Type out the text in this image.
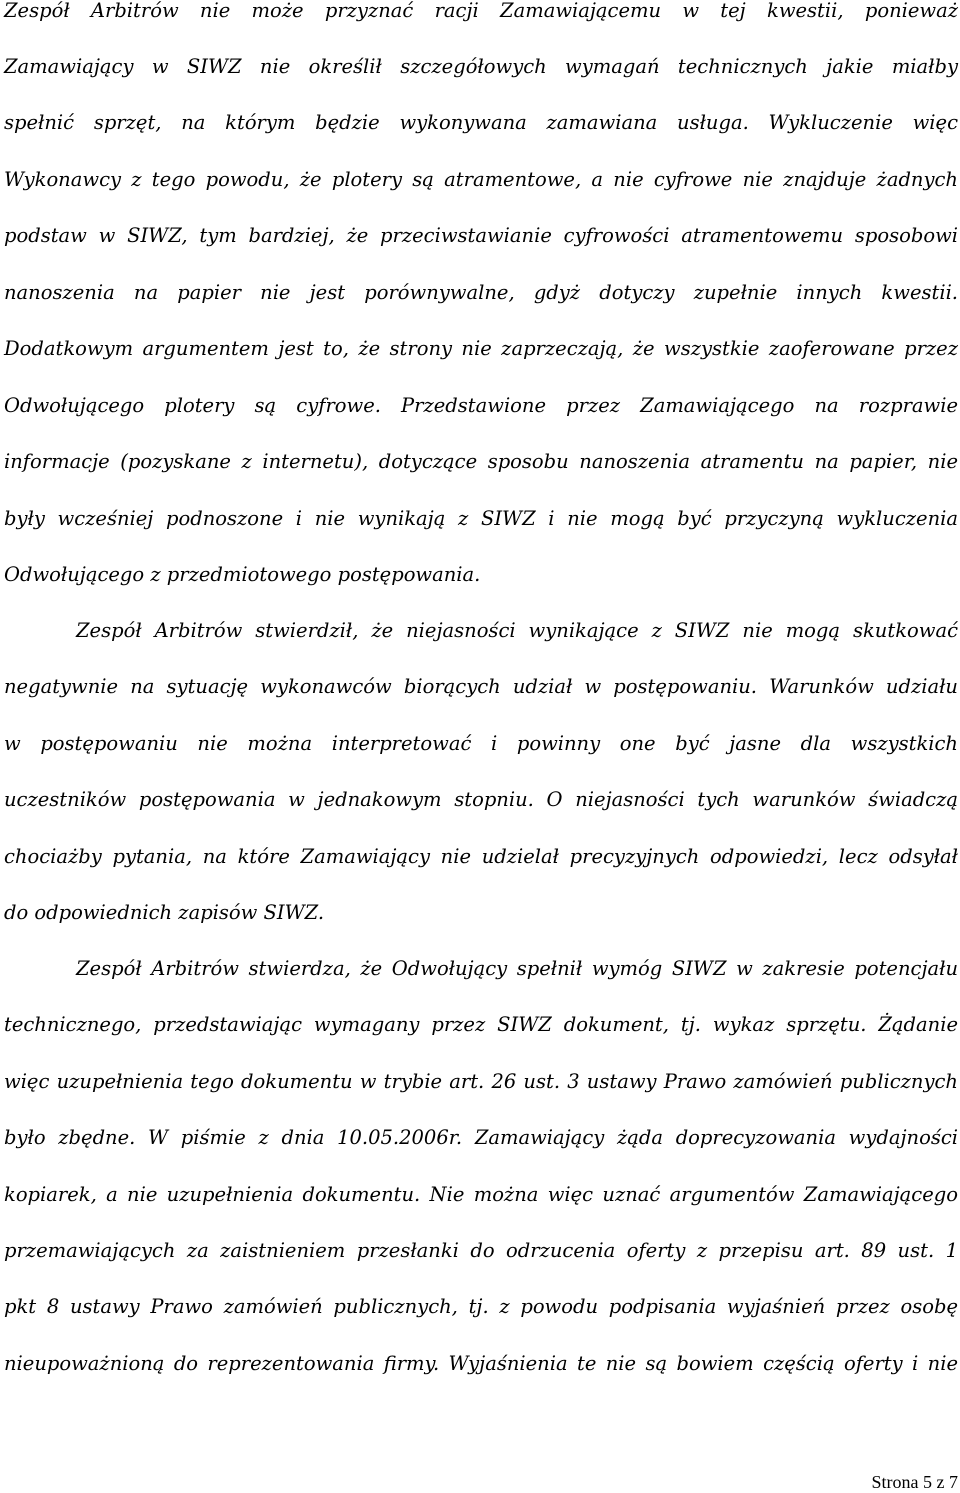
Zespół Arbitrów nie może przyznać racji Zamawiającemu w tej kwestii, ponieważ
Zamawiający w SIWZ nie określił szczegółowych wymagań technicznych jakie miałby
spełnić sprzęt, na którym będzie wykonywana zamawiana usługa. Wykluczenie więc
Wykonawcy z tego powodu, że plotery są atramentowe, a nie cyfrowe nie znajduje żadnych
podstaw w SIWZ, tym bardziej, że przeciwstawianie cyfrowości atramentowemu sposobowi
nanoszenia na papier nie jest porównywalne, gdyż dotyczy zupełnie innych kwestii.
Dodatkowym argumentem jest to, że strony nie zaprzeczają, że wszystkie zaoferowane przez
Odwołującego plotery są cyfrowe. Przedstawione przez Zamawiającego na rozprawie
informacje (pozyskane z internetu), dotyczące sposobu nanoszenia atramentu na papier, nie
były wcześniej podnoszone i nie wynikają z SIWZ i nie mogą być przyczyną wykluczenia
Odwołującego z przedmiotowego postępowania.
Zespół Arbitrów stwierdził, że niejasności wynikające z SIWZ nie mogą skutkować
negatywnie na sytuację wykonawców biorących udział w postępowaniu. Warunków udziału
w postępowaniu nie można interpretować i powinny one być jasne dla wszystkich
uczestników postępowania w jednakowym stopniu. O niejasności tych warunków świadczą
chociażby pytania, na które Zamawiający nie udzielał precyzyjnych odpowiedzi, lecz odsyłał
do odpowiednich zapisów SIWZ.
Zespół Arbitrów stwierdza, że Odwołujący spełnił wymóg SIWZ w zakresie potencjału
technicznego, przedstawiając wymagany przez SIWZ dokument, tj. wykaz sprzętu. Żądanie
więc uzupełnienia tego dokumentu w trybie art. 26 ust. 3 ustawy Prawo zamówień publicznych
było zbędne. W piśmie z dnia 10.05.2006r. Zamawiający żąda doprecyzowania wydajności
kopiarek, a nie uzupełnienia dokumentu. Nie można więc uznać argumentów Zamawiającego
przemawiających za zaistnieniem przesłanki do odrzucenia oferty z przepisu art. 89 ust. 1
pkt 8 ustawy Prawo zamówień publicznych, tj. z powodu podpisania wyjaśnień przez osobę
nieupoważnioną do reprezentowania firmy. Wyjaśnienia te nie są bowiem częścią oferty i nie
Strona 5 z 7
